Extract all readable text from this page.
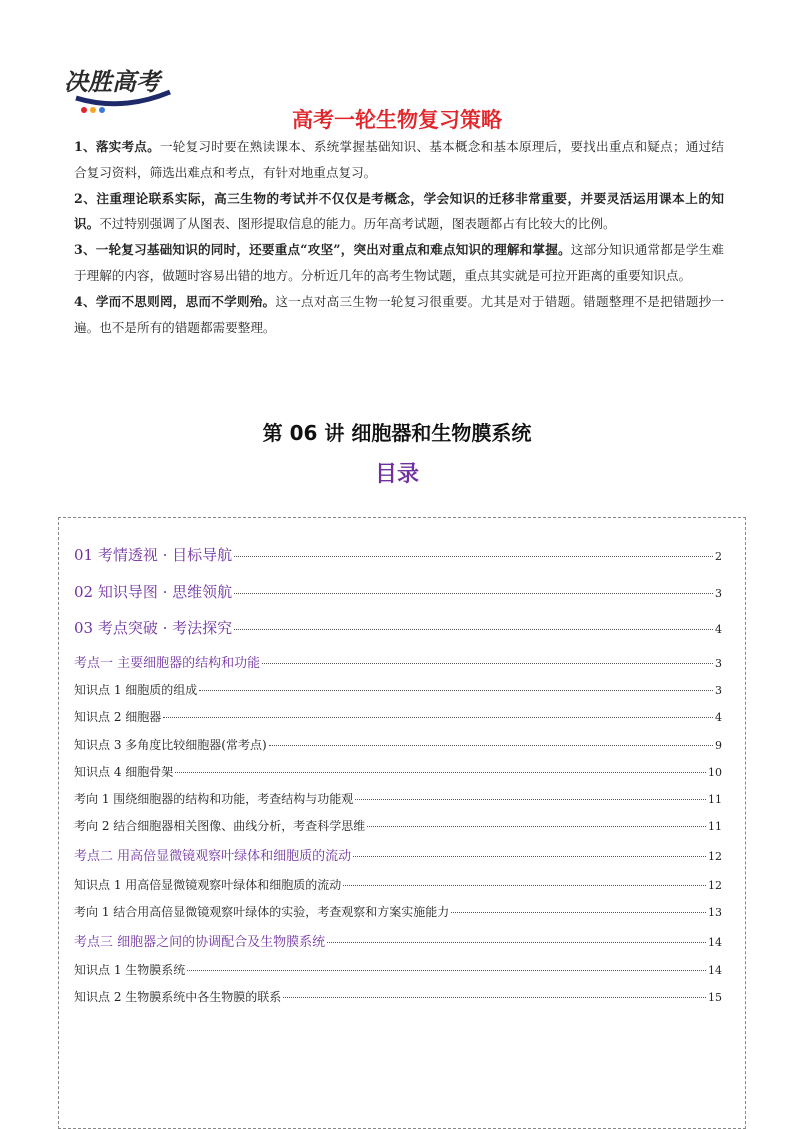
决胜高考
高考一轮生物复习策略

1、落实考点。一轮复习时要在熟读课本、系统掌握基础知识、基本概念和基本原理后，要找出重点和疑点；通过结合复习资料，筛选出难点和考点，有针对地重点复习。

2、注重理论联系实际，高三生物的考试并不仅仅是考概念，学会知识的迁移非常重要，并要灵活运用课本上的知识。不过特别强调了从图表、图形提取信息的能力。历年高考试题，图表题都占有比较大的比例。

3、一轮复习基础知识的同时，还要重点“攻坚”，突出对重点和难点知识的理解和掌握。这部分知识通常都是学生难于理解的内容，做题时容易出错的地方。分析近几年的高考生物试题，重点其实就是可拉开距离的重要知识点。

4、学而不思则罔，思而不学则殆。这一点对高三生物一轮复习很重要。尤其是对于错题。错题整理不是把错题抄一遍。也不是所有的错题都需要整理。

第 06 讲 细胞器和生物膜系统
目录
01 考情透视 · 目标导航	2
02 知识导图 · 思维领航	3
03 考点突破 · 考法探究	4
考点一 主要细胞器的结构和功能	3
知识点 1 细胞质的组成	3
知识点 2 细胞器	4
知识点 3 多角度比较细胞器(常考点)	9
知识点 4 细胞骨架	10
考向 1 围绕细胞器的结构和功能，考查结构与功能观	11
考向 2 结合细胞器相关图像、曲线分析，考查科学思维	11
考点二 用高倍显微镜观察叶绿体和细胞质的流动	12
知识点 1 用高倍显微镜观察叶绿体和细胞质的流动	12
考向 1 结合用高倍显微镜观察叶绿体的实验，考查观察和方案实施能力	13
考点三 细胞器之间的协调配合及生物膜系统	14
知识点 1 生物膜系统	14
知识点 2 生物膜系统中各生物膜的联系	15
